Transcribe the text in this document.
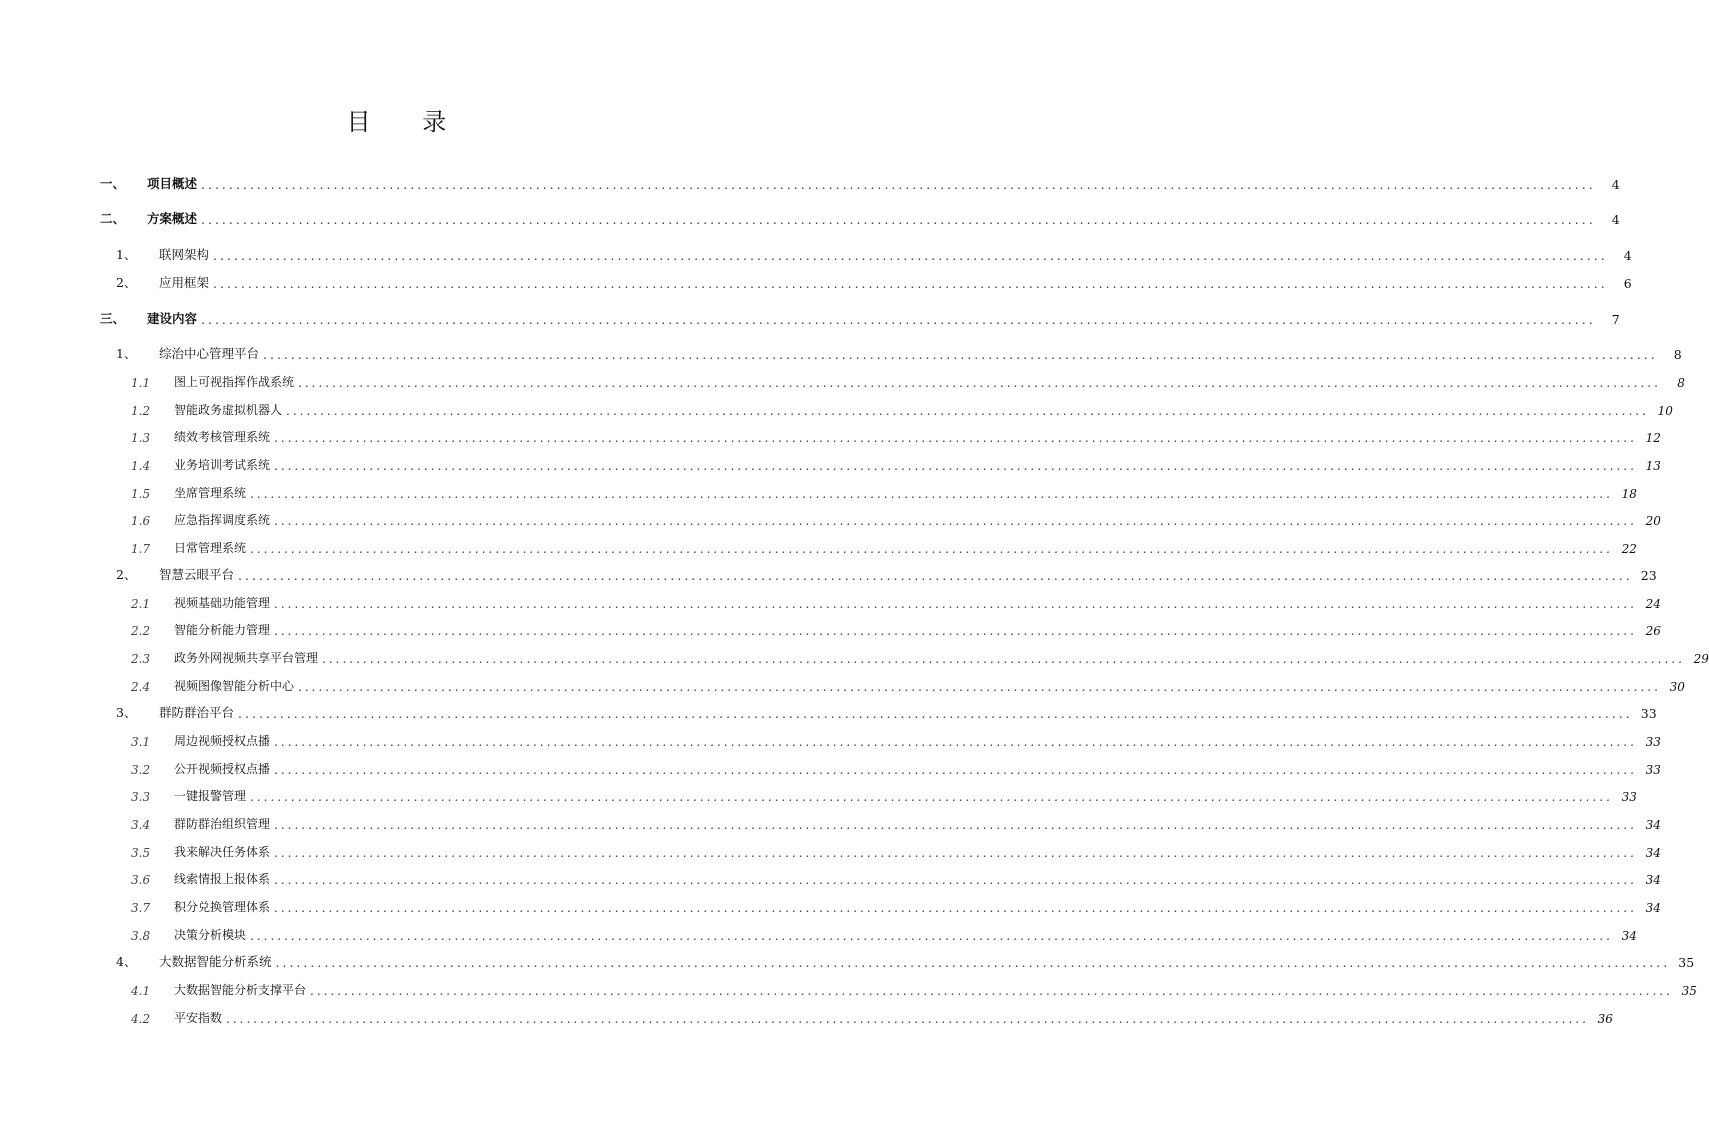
目 录
一、	项目概述 ........................................................................................................................................................................................................	4
二、	方案概述 ........................................................................................................................................................................................................	4
1、	联网架构 ........................................................................................................................................................................................................	4
2、	应用框架 ........................................................................................................................................................................................................	6
三、	建设内容 ........................................................................................................................................................................................................	7
1、	综治中心管理平台 ........................................................................................................................................................................................................	8
1.1	图上可视指挥作战系统 ........................................................................................................................................................................................................	8
1.2	智能政务虚拟机器人 ........................................................................................................................................................................................................ 10
1.3	绩效考核管理系统 ........................................................................................................................................................................................................ 12
1.4	业务培训考试系统 ........................................................................................................................................................................................................ 13
1.5	坐席管理系统 ........................................................................................................................................................................................................ 18
1.6	应急指挥调度系统 ........................................................................................................................................................................................................ 20
1.7	日常管理系统 ........................................................................................................................................................................................................ 22
2、	智慧云眼平台 ........................................................................................................................................................................................................ 23
2.1	视频基础功能管理 ........................................................................................................................................................................................................ 24
2.2	智能分析能力管理 ........................................................................................................................................................................................................ 26
2.3	政务外网视频共享平台管理 ........................................................................................................................................................................................................ 29
2.4	视频图像智能分析中心 ........................................................................................................................................................................................................ 30
3、	群防群治平台 ........................................................................................................................................................................................................ 33
3.1	周边视频授权点播 ........................................................................................................................................................................................................ 33
3.2	公开视频授权点播 ........................................................................................................................................................................................................ 33
3.3	一键报警管理 ........................................................................................................................................................................................................ 33
3.4	群防群治组织管理 ........................................................................................................................................................................................................ 34
3.5	我来解决任务体系 ........................................................................................................................................................................................................ 34
3.6	线索情报上报体系 ........................................................................................................................................................................................................ 34
3.7	积分兑换管理体系 ........................................................................................................................................................................................................ 34
3.8	决策分析模块 ........................................................................................................................................................................................................ 34
4、	大数据智能分析系统 ........................................................................................................................................................................................................ 35
4.1	大数据智能分析支撑平台 ........................................................................................................................................................................................................ 35
4.2	平安指数 ........................................................................................................................................................................................................ 36
